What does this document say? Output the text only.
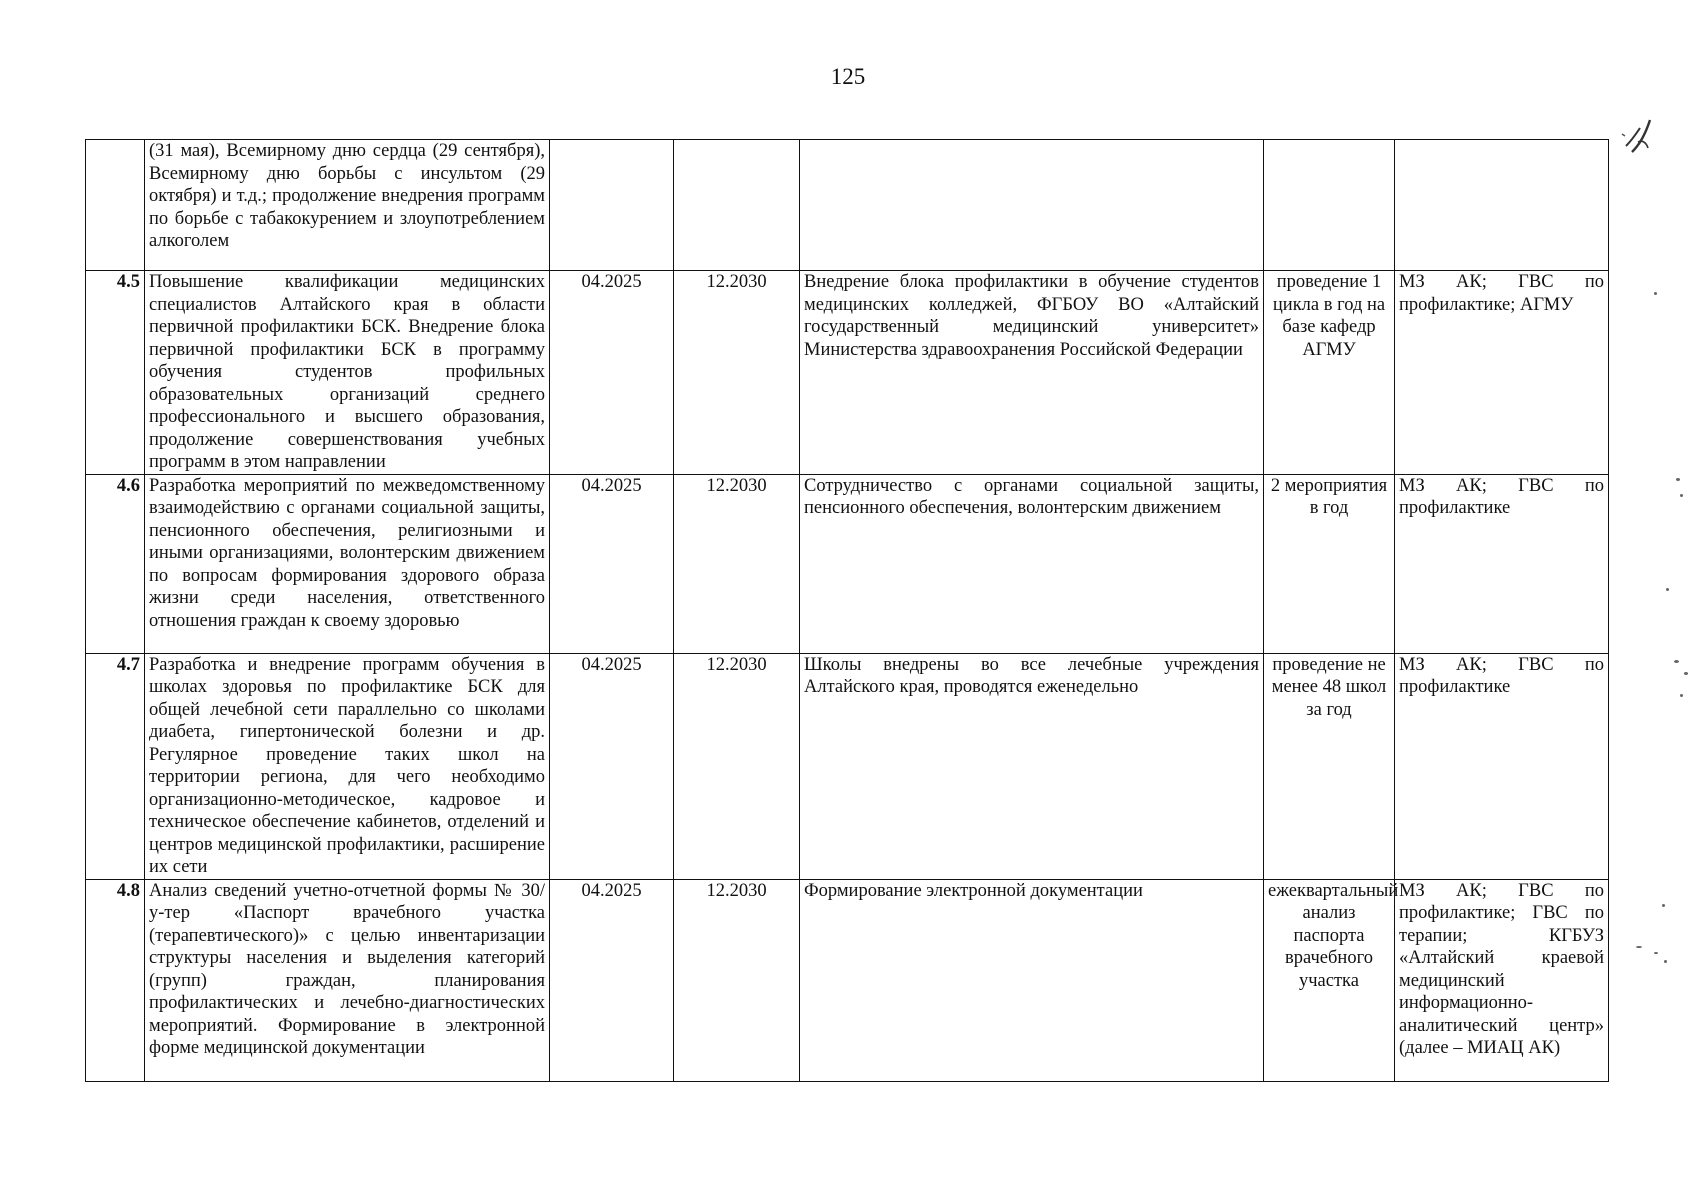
125
	(31 мая), Всемирному дню сердца (29 сентября), Всемирному дню борьбы с инсультом (29 октября) и т.д.; продолжение внедрения программ по борьбе с табакокурением и злоупотреблением алкоголем					
4.5	Повышение квалификации медицинских специалистов Алтайского края в области первичной профилактики БСК. Внедрение блока первичной профилактики БСК в программу обучения студентов профильных образовательных организаций среднего профессионального и высшего образования, продолжение совершенствования учебных программ в этом направлении	04.2025	12.2030	Внедрение блока профилактики в обучение студентов медицинских колледжей, ФГБОУ ВО «Алтайский государственный медицинский университет» Министерства здравоохранения Российской Федерации	проведение 1 цикла в год на базе кафедр АГМУ	МЗ АК; ГВС по профилактике; АГМУ
4.6	Разработка мероприятий по межведомственному взаимодействию с органами социальной защиты, пенсионного обеспечения, религиозными и иными организациями, волонтерским движением по вопросам формирования здорового образа жизни среди населения, ответственного отношения граждан к своему здоровью	04.2025	12.2030	Сотрудничество с органами социальной защиты, пенсионного обеспечения, волонтерским движением	2 мероприятия в год	МЗ АК; ГВС по профилактике
4.7	Разработка и внедрение программ обучения в школах здоровья по профилактике БСК для общей лечебной сети параллельно со школами диабета, гипертонической болезни и др. Регулярное проведение таких школ на территории региона, для чего необходимо организационно-методическое, кадровое и техническое обеспечение кабинетов, отделений и центров медицинской профилактики, расширение их сети	04.2025	12.2030	Школы внедрены во все лечебные учреждения Алтайского края, проводятся еженедельно	проведение не менее 48 школ за год	МЗ АК; ГВС по профилактике
4.8	Анализ сведений учетно-отчетной формы № 30/у-тер «Паспорт врачебного участка (терапевтического)» с целью инвентаризации структуры населения и выделения категорий (групп) граждан, планирования профилактических и лечебно-диагностических мероприятий. Формирование в электронной форме медицинской документации	04.2025	12.2030	Формирование электронной документации	ежеквартальный анализ паспорта врачебного участка	МЗ АК; ГВС по профилактике; ГВС по терапии; КГБУЗ «Алтайский краевой медицинский информационно-аналитический центр» (далее – МИАЦ АК)
